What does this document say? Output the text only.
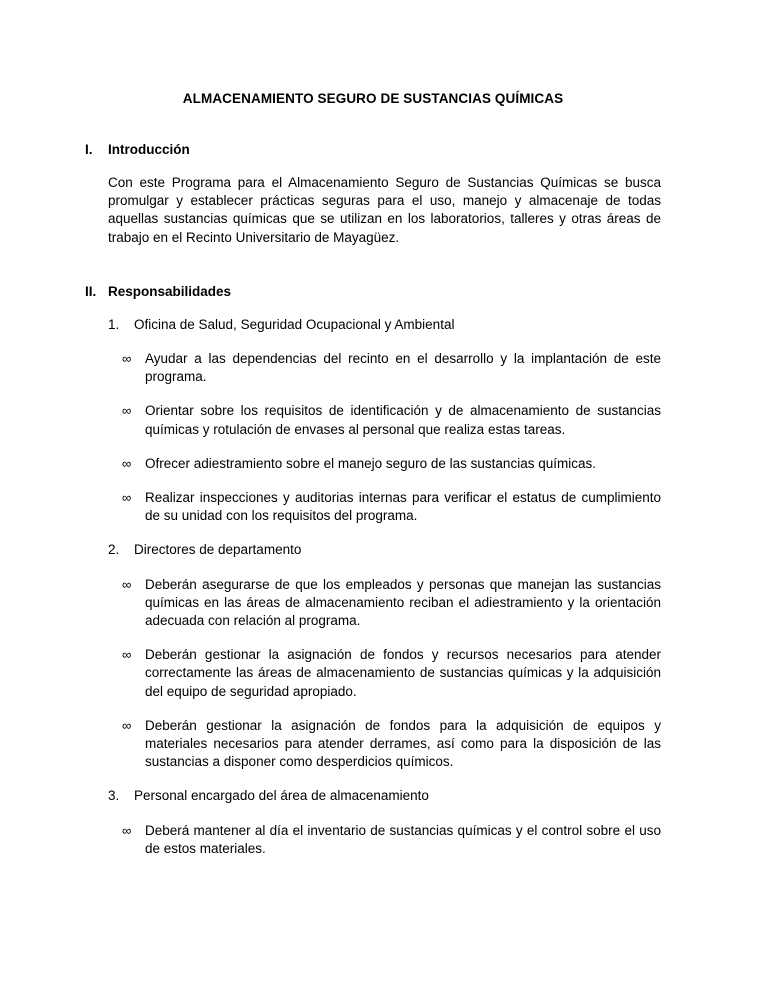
ALMACENAMIENTO SEGURO DE SUSTANCIAS QUÍMICAS
I.	Introducción

Con este Programa para el Almacenamiento Seguro de Sustancias Químicas se busca promulgar y establecer prácticas seguras para el uso, manejo y almacenaje de todas aquellas sustancias químicas que se utilizan en los laboratorios, talleres y otras áreas de trabajo en el Recinto Universitario de Mayagüez.

II. Responsabilidades
1.	Oficina de Salud, Seguridad Ocupacional y Ambiental
∞	Ayudar a las dependencias del recinto en el desarrollo y la implantación de este programa.
∞	Orientar sobre los requisitos de identificación y de almacenamiento de sustancias químicas y rotulación de envases al personal que realiza estas tareas.
∞	Ofrecer adiestramiento sobre el manejo seguro de las sustancias químicas.
∞	Realizar inspecciones y auditorias internas para verificar el estatus de cumplimiento de su unidad con los requisitos del programa.
2.	Directores de departamento
∞	Deberán asegurarse de que los empleados y personas que manejan las sustancias químicas en las áreas de almacenamiento reciban el adiestramiento y la orientación adecuada con relación al programa.
∞	Deberán gestionar la asignación de fondos y recursos necesarios para atender correctamente las áreas de almacenamiento de sustancias químicas y la adquisición del equipo de seguridad apropiado.
∞	Deberán gestionar la asignación de fondos para la adquisición de equipos y materiales necesarios para atender derrames, así como para la disposición de las sustancias a disponer como desperdicios químicos.
3.	Personal encargado del área de almacenamiento
∞	Deberá mantener al día el inventario de sustancias químicas y el control sobre el uso de estos materiales.
